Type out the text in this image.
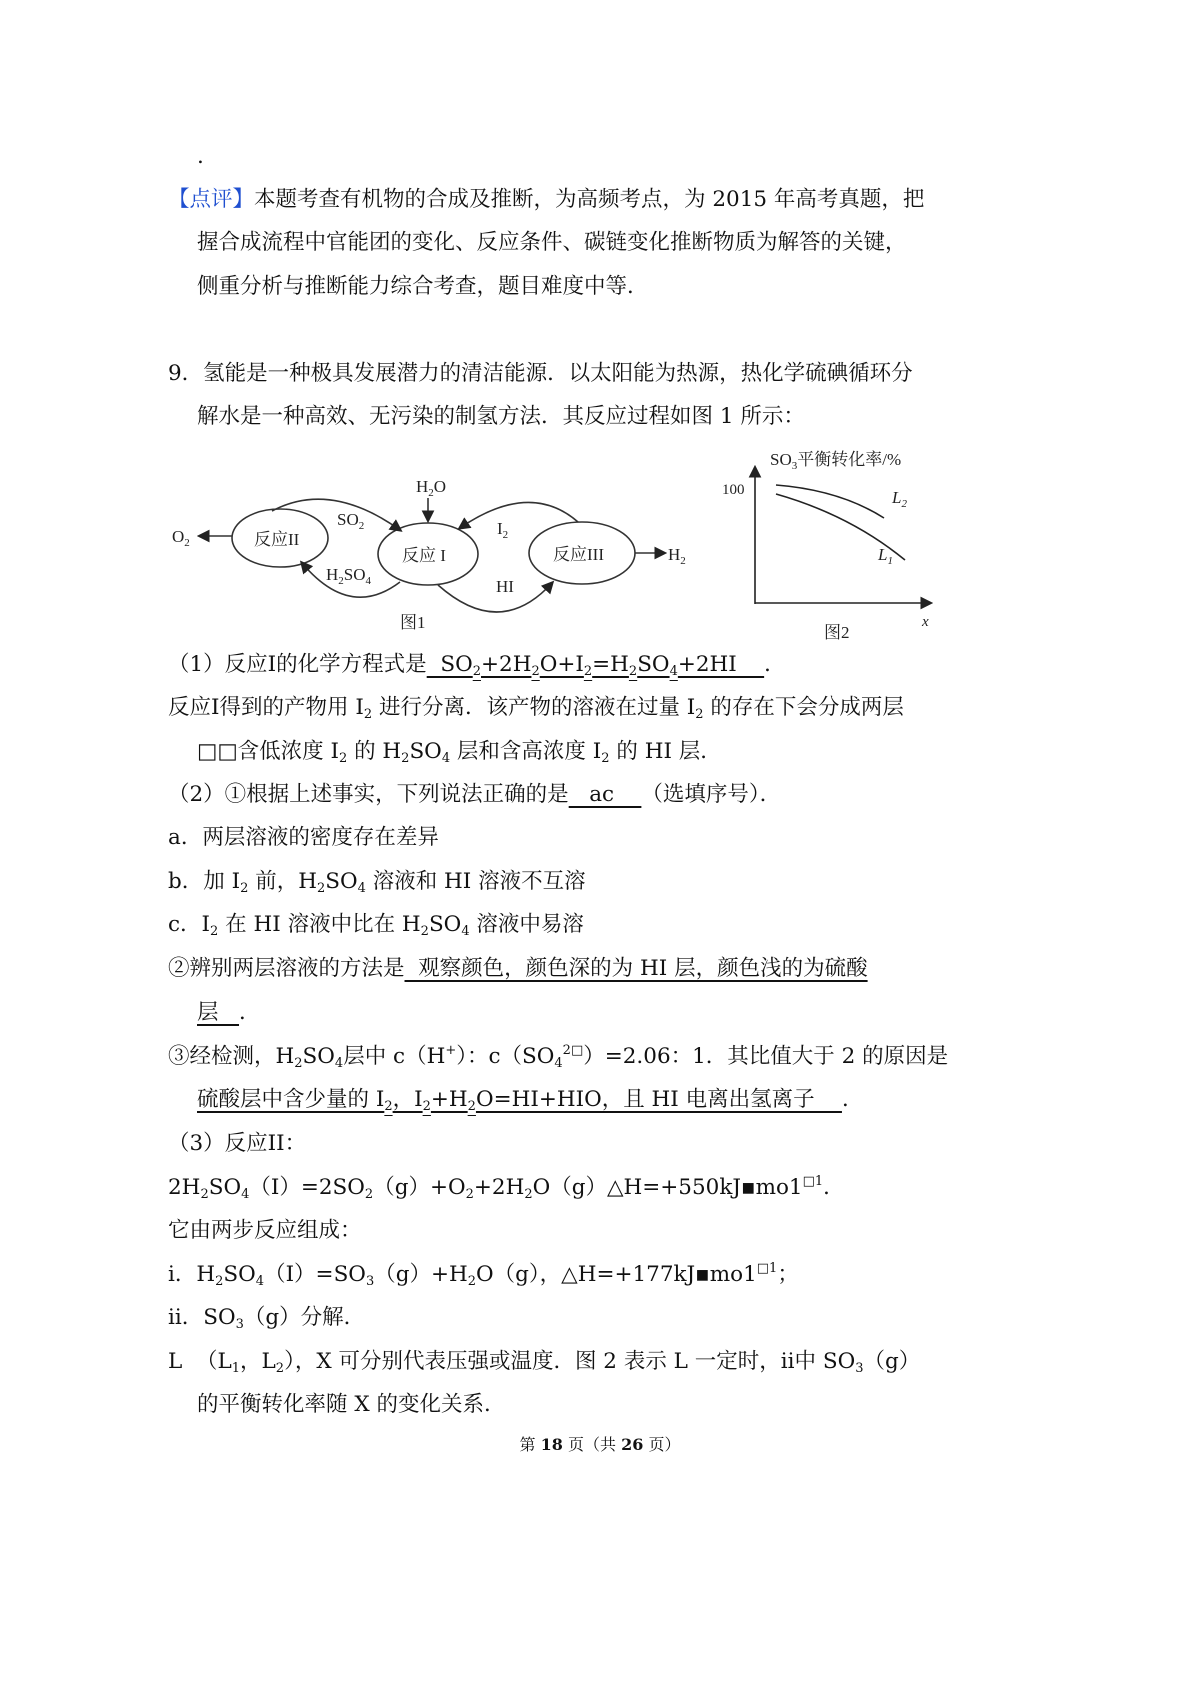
.
【点评】本题考查有机物的合成及推断，为高频考点，为 2015 年高考真题，把
握合成流程中官能团的变化、反应条件、碳链变化推断物质为解答的关键，
侧重分析与推断能力综合考查，题目难度中等．
9．氢能是一种极具发展潜力的清洁能源．以太阳能为热源，热化学硫碘循环分
解水是一种高效、无污染的制氢方法．其反应过程如图 1 所示：
（1）反应I的化学方程式是  $SO_2+2H_2O+I_2=H_2SO_4+2HI$    ．
反应I得到的产物用 $I_2$ 进行分离．该产物的溶液在过量 $I_2$ 的存在下会分成两层
□□含低浓度 $I_2$ 的 $H_2SO_4$ 层和含高浓度 $I_2$ 的 HI 层．
（2）①根据上述事实，下列说法正确的是   ac    （选填序号）．
a．两层溶液的密度存在差异
b．加 $I_2$ 前，$H_2SO_4$ 溶液和 HI 溶液不互溶
c．$I_2$ 在 HI 溶液中比在 $H_2SO_4$ 溶液中易溶
②辨别两层溶液的方法是  观察颜色，颜色深的为 HI 层，颜色浅的为硫酸
层   ．
③经检测，$H_2SO_4$层中 c（H+）：$c(SO_4^{2□})=2.06$：1．其比值大于 2 的原因是
硫酸层中含少量的 $I_2$，$I_2+H_2O=HI+HIO$，且 HI 电离出氢离子    ．
（3）反应II：
$2H_2SO_4(I)=2SO_2(g)+O_2+2H_2O(g)\triangle H=+550kJ▪mo1^{□1}$．
它由两步反应组成：
i．$H_2SO_4(I)=SO_3(g)+H_2O(g)$，$\triangle H=+177kJ▪mo1^{□1}$；
ii．$SO_3(g)$分解．
L  （$L_1$，$L_2$），X 可分别代表压强或温度．图 2 表示 L 一定时，ii中 $SO_3(g)$
的平衡转化率随 X 的变化关系．
反应II
反应 I	反应III
$O_2$
$H_2$
$H_2O$
$SO_2$	$I_2$
$H_2SO_4$	HI
图1
$SO_3$平衡转化率/%
100	$L_2$
$L_1$
x
图2
第 18 页（共 26 页）
